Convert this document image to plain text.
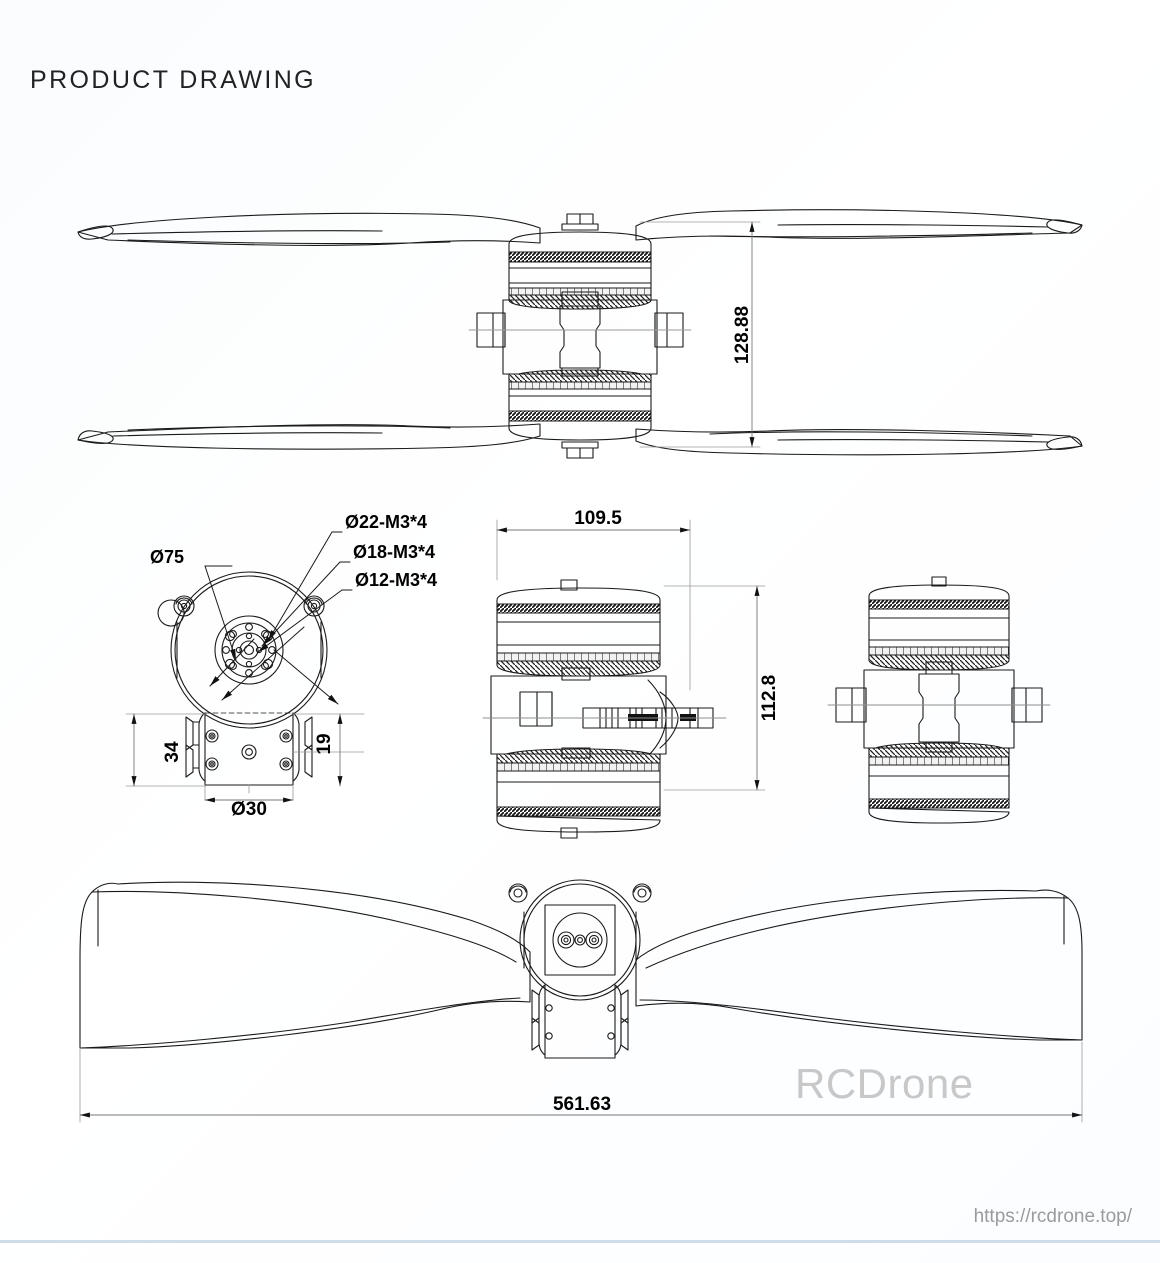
PRODUCT DRAWING
128.88
Ø75
Ø22-M3*4
Ø18-M3*4
Ø12-M3*4
34	19
Ø30
109.5
112.8
561.63	RCDrone
https://rcdrone.top/
